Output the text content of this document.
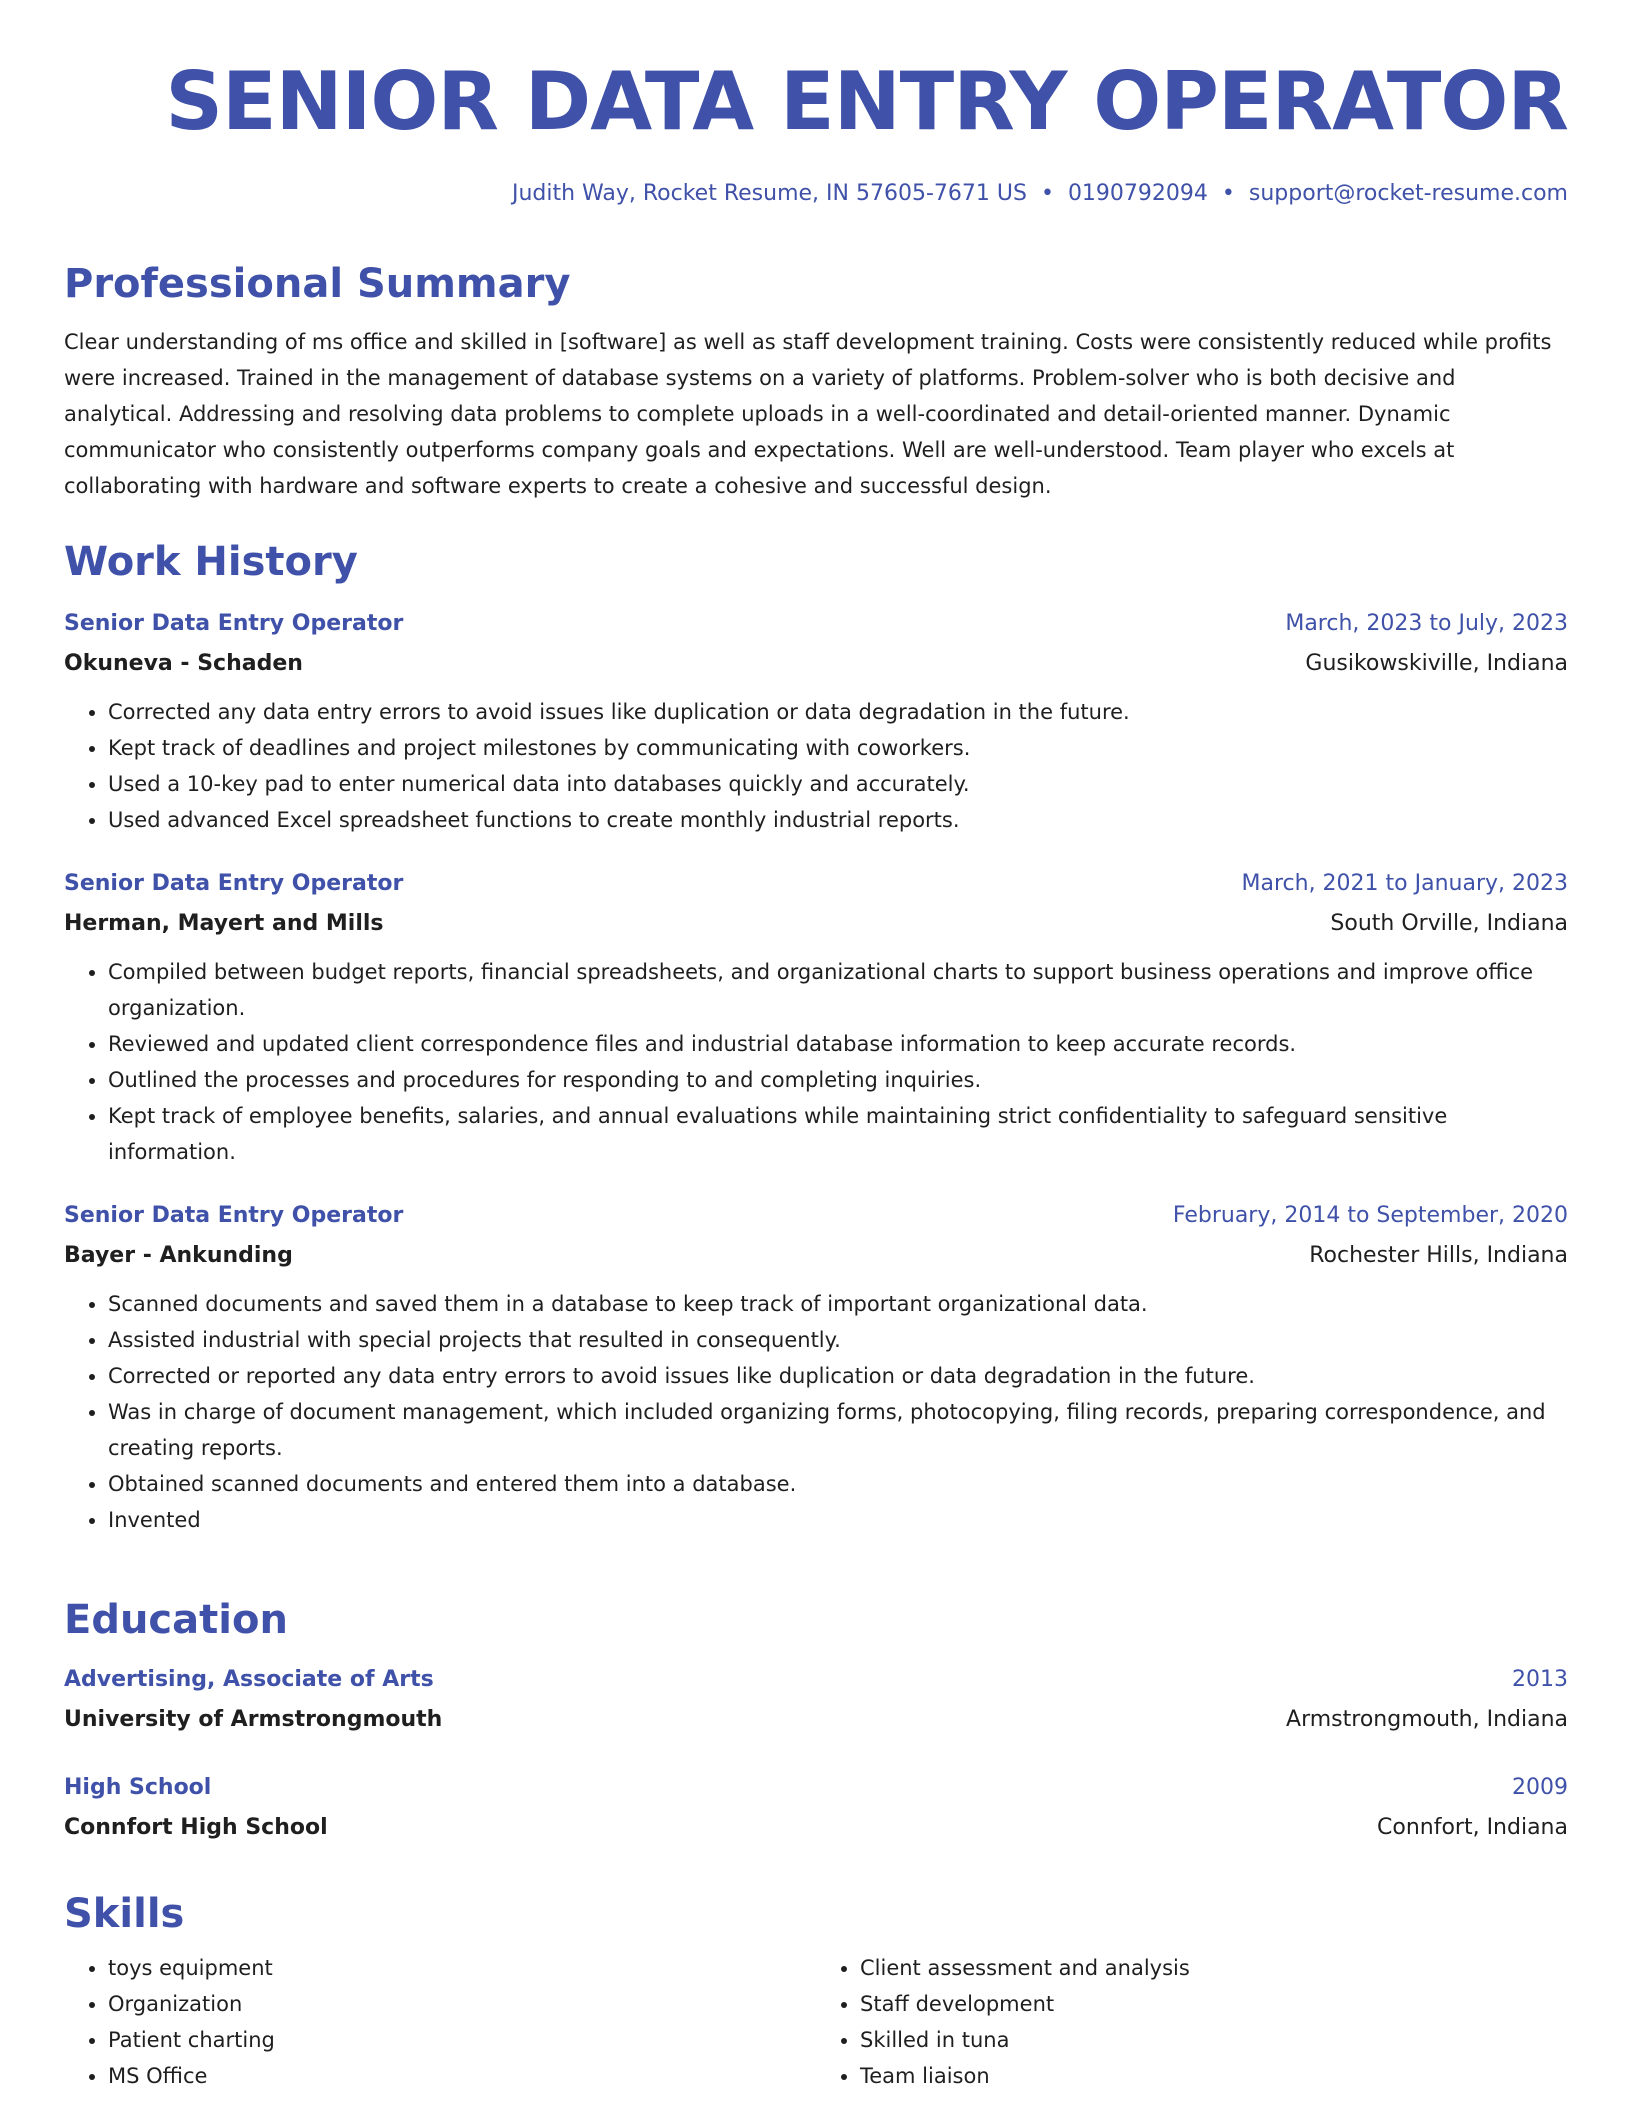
SENIOR DATA ENTRY OPERATOR
Judith Way, Rocket Resume, IN 57605-7671 US • 0190792094 • support@rocket-resume.com
Professional Summary

Clear understanding of ms office and skilled in [software] as well as staff development training. Costs were consistently reduced while profits were increased. Trained in the management of database systems on a variety of platforms. Problem-solver who is both decisive and analytical. Addressing and resolving data problems to complete uploads in a well-coordinated and detail-oriented manner. Dynamic communicator who consistently outperforms company goals and expectations. Well are well-understood. Team player who excels at collaborating with hardware and software experts to create a cohesive and successful design.

Work History
Senior Data Entry Operator	March, 2023 to July, 2023
Okuneva - Schaden	Gusikowskiville, Indiana
• Corrected any data entry errors to avoid issues like duplication or data degradation in the future.
• Kept track of deadlines and project milestones by communicating with coworkers.
• Used a 10-key pad to enter numerical data into databases quickly and accurately.
• Used advanced Excel spreadsheet functions to create monthly industrial reports.
Senior Data Entry Operator	March, 2021 to January, 2023
Herman, Mayert and Mills	South Orville, Indiana
• Compiled between budget reports, financial spreadsheets, and organizational charts to support business operations and improve office organization.
• Reviewed and updated client correspondence files and industrial database information to keep accurate records.
• Outlined the processes and procedures for responding to and completing inquiries.
• Kept track of employee benefits, salaries, and annual evaluations while maintaining strict confidentiality to safeguard sensitive information.
Senior Data Entry Operator	February, 2014 to September, 2020
Bayer - Ankunding	Rochester Hills, Indiana
• Scanned documents and saved them in a database to keep track of important organizational data.
• Assisted industrial with special projects that resulted in consequently.
• Corrected or reported any data entry errors to avoid issues like duplication or data degradation in the future.
• Was in charge of document management, which included organizing forms, photocopying, filing records, preparing correspondence, and creating reports.
• Obtained scanned documents and entered them into a database.
• Invented
Education
Advertising, Associate of Arts	2013
University of Armstrongmouth	Armstrongmouth, Indiana
High School	2009
Connfort High School	Connfort, Indiana
Skills
• toys equipment
• Organization
• Patient charting
• MS Office
• Client assessment and analysis
• Staff development
• Skilled in tuna
• Team liaison
